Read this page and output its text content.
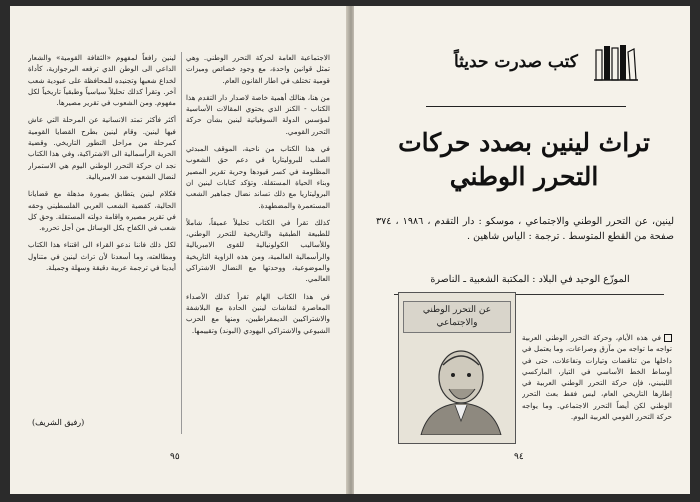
الاجتماعية العامة لحركة التحرر الوطني. وهي تمثل قوانين واحدة، مع وجود خصائص وميزات قومية تختلف في اطار القانون العام.

من هنا، هنالك أهمية خاصة لاصدار دار التقدم هذا الكتاب - الكنز الذي يحتوي المقالات الأساسية لمؤسس الدولة السوفياتية لينين بشأن حركة التحرر القومي.

في هذا الكتاب من ناحية، الموقف المبدئي الصلب للبروليتاريا في دعم حق الشعوب المظلومة في كسر قيودها وحرية تقرير المصير وبناء الحياة المستقلة. وتؤكد كتابات لينين ان البروليتاريا مع ذلك تساند نضال جماهير الشعب المستعمرة والمضطهدة.

كذلك تقرأ في الكتاب تحليلاً عميقاً، شاملاً للطبيعة الطبقية والتاريخية للتحرر الوطني، وللأساليب الكولونيالية للقوى الامبريالية والرأسمالية العالمية، ومن هذه الزاوية التاريخية والموضوعية، ووحدتها مع النضال الاشتراكي العالمي.

في هذا الكتاب الهام تقرأ كذلك الأصداء المعاصرة لنقاشات لينين الحادة مع البلاشفة والاشتراكيين الديمقراطيين، ومنها مع الحزب الشيوعي والاشتراكي اليهودي (البوند) وتقييمها.

لينين رافعاً لمفهوم «الثقافة القومية» والشعار الداعي الى الوطن الذي ترفعه البرجوازية، كأداة لخداع شعبها وتجنيده للمحافظة على عبودية شعب آخر. وتقرأ كذلك تحليلاً سياسياً وطبقياً تاريخياً لكل مفهوم. ومن الشعوب في تقرير مصيرها.

أكثر فأكثر تمتد الانسانية عن المرحلة التي عاش فيها لينين. وقام لينين بطرح القضايا القومية كمرحلة من مراحل التطور التاريخي. وقضية الحرية الرأسمالية الى الاشتراكية، وفي هذا الكتاب نجد ان حركة التحرر الوطني اليوم هي الاستمرار لنضال الشعوب ضد الامبريالية.

فكلام لينين يتطابق بصورة مذهلة مع قضايانا الحالية، كقضية الشعب العربي الفلسطيني وحقه في تقرير مصيره واقامة دولته المستقلة. وحق كل شعب في الكفاح بكل الوسائل من أجل تحرره.

لكل ذلك فاننا ندعو القراء الى اقتناء هذا الكتاب ومطالعته، وما أسعدنا لأن تراث لينين في متناول أيدينا في ترجمة عربية دقيقة وسهلة وجميلة.

(رفيق الشريف)
٩٥
كتب صدرت حديثاً
تراث لينين بصدد حركات
التحرر الوطني
لينين، عن التحرر الوطني والاجتماعي ، موسكو : دار التقدم ، ١٩٨٦ ، ٣٧٤ صفحة من القطع المتوسط . ترجمة : الياس شاهين .
الموزّع الوحيد في البلاد : المكتبة الشعبية ـ الناصرة
عن التحرر الوطني والاجتماعي

في هذه الأيام، وحركة التحرر الوطني العربية تواجه ما تواجه من مآزق وصراعات، وما يعتمل في داخلها من تناقضات وتيارات وتفاعلات، حتى في أوساط الخط الأساسي في التيار، الماركسي اللينيني، فإن حركة التحرر الوطني العربية في إطارها التاريخي العام، ليس فقط بعث التحرر الوطني لكن أيضاً التحرر الاجتماعي. وما يواجه حركة التحرر القومي العربية اليوم.

٩٤
